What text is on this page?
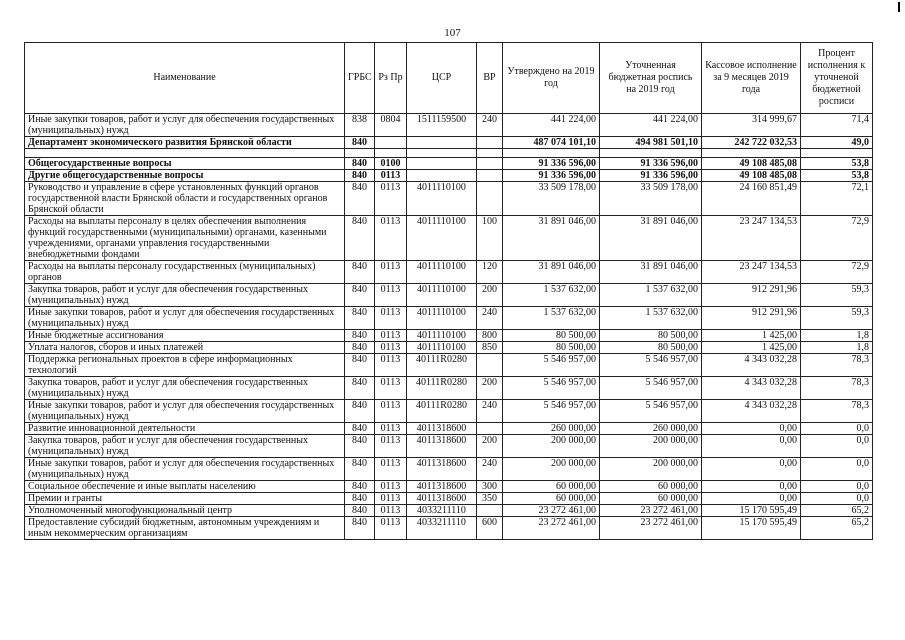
107
Наименование	ГРБС	Рз Пр	ЦСР	ВР	Утверждено на 2019 год	Уточненная бюджетная роспись на 2019 год	Кассовое исполнение за 9 месяцев 2019 года	Процент исполнения к уточненой бюджетной росписи
Иные закупки товаров, работ и услуг для обеспечения государственных (муниципальных) нужд	838	0804	1511159500	240	441 224,00	441 224,00	314 999,67	71,4
Департамент экономического развития Брянской области	840				487 074 101,10	494 981 501,10	242 722 032,53	49,0

Общегосударственные вопросы	840	0100			91 336 596,00	91 336 596,00	49 108 485,08	53,8
Другие общегосударственные вопросы	840	0113			91 336 596,00	91 336 596,00	49 108 485,08	53,8
Руководство и управление в сфере установленных функций органов государственной власти Брянской области и государственных органов Брянской области	840	0113	4011110100		33 509 178,00	33 509 178,00	24 160 851,49	72,1
Расходы на выплаты персоналу в целях обеспечения выполнения функций государственными (муниципальными) органами, казенными учреждениями, органами управления государственными внебюджетными фондами	840	0113	4011110100	100	31 891 046,00	31 891 046,00	23 247 134,53	72,9
Расходы на выплаты персоналу государственных (муниципальных) органов	840	0113	4011110100	120	31 891 046,00	31 891 046,00	23 247 134,53	72,9
Закупка товаров, работ и услуг для обеспечения государственных (муниципальных) нужд	840	0113	4011110100	200	1 537 632,00	1 537 632,00	912 291,96	59,3
Иные закупки товаров, работ и услуг для обеспечения государственных (муниципальных) нужд	840	0113	4011110100	240	1 537 632,00	1 537 632,00	912 291,96	59,3
Иные бюджетные ассигнования	840	0113	4011110100	800	80 500,00	80 500,00	1 425,00	1,8
Уплата налогов, сборов и иных платежей	840	0113	4011110100	850	80 500,00	80 500,00	1 425,00	1,8
Поддержка региональных проектов в сфере информационных технологий	840	0113	40111R0280		5 546 957,00	5 546 957,00	4 343 032,28	78,3
Закупка товаров, работ и услуг для обеспечения государственных (муниципальных) нужд	840	0113	40111R0280	200	5 546 957,00	5 546 957,00	4 343 032,28	78,3
Иные закупки товаров, работ и услуг для обеспечения государственных (муниципальных) нужд	840	0113	40111R0280	240	5 546 957,00	5 546 957,00	4 343 032,28	78,3
Развитие инновационной деятельности	840	0113	4011318600		260 000,00	260 000,00	0,00	0,0
Закупка товаров, работ и услуг для обеспечения государственных (муниципальных) нужд	840	0113	4011318600	200	200 000,00	200 000,00	0,00	0,0
Иные закупки товаров, работ и услуг для обеспечения государственных (муниципальных) нужд	840	0113	4011318600	240	200 000,00	200 000,00	0,00	0,0
Социальное обеспечение и иные выплаты населению	840	0113	4011318600	300	60 000,00	60 000,00	0,00	0,0
Премии и гранты	840	0113	4011318600	350	60 000,00	60 000,00	0,00	0,0
Уполномоченный многофункциональный центр	840	0113	4033211110		23 272 461,00	23 272 461,00	15 170 595,49	65,2
Предоставление субсидий бюджетным, автономным учреждениям и иным некоммерческим организациям	840	0113	4033211110	600	23 272 461,00	23 272 461,00	15 170 595,49	65,2
